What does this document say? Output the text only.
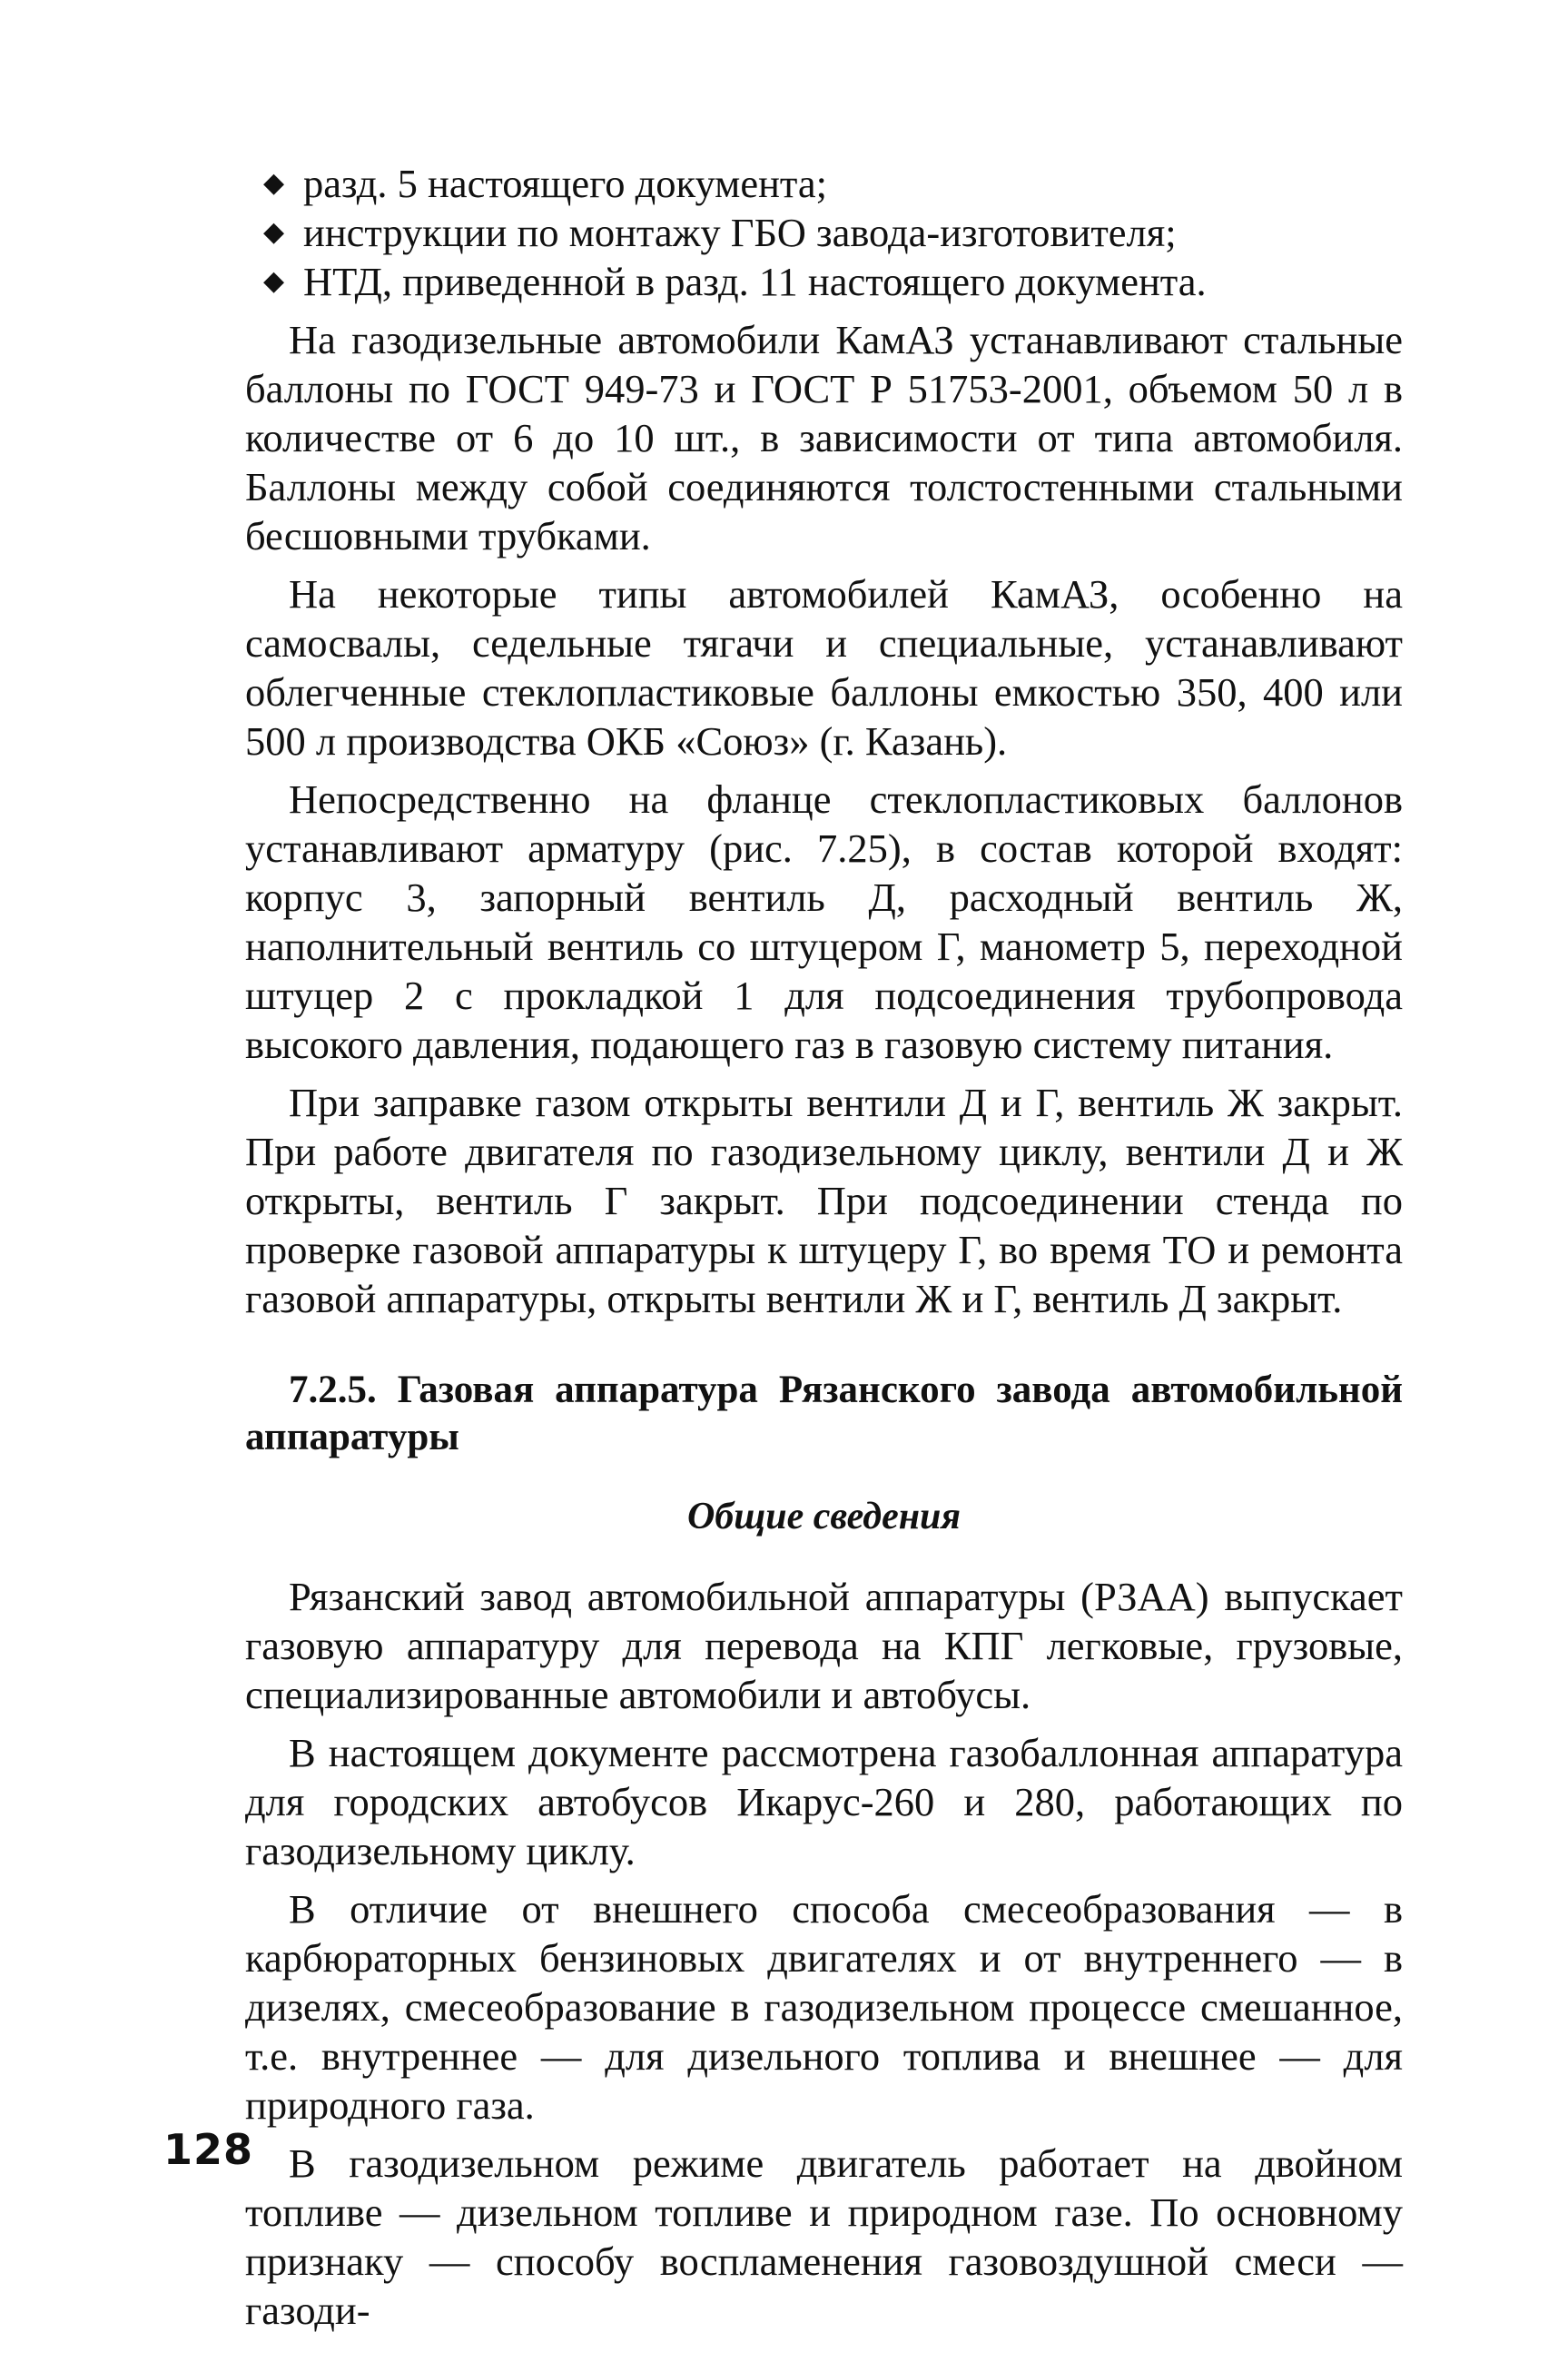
◆ разд. 5 настоящего документа;
◆ инструкции по монтажу ГБО завода-изготовителя;
◆ НТД, приведенной в разд. 11 настоящего документа.

На газодизельные автомобили КамАЗ устанавливают стальные баллоны по ГОСТ 949-73 и ГОСТ Р 51753-2001, объемом 50 л в количестве от 6 до 10 шт., в зависимости от типа автомобиля. Баллоны между собой соединяются толстостенными стальными бесшовными трубками.

На некоторые типы автомобилей КамАЗ, особенно на самосвалы, седельные тягачи и специальные, устанавливают облегченные стеклопластиковые баллоны емкостью 350, 400 или 500 л производства ОКБ «Союз» (г. Казань).

Непосредственно на фланце стеклопластиковых баллонов устанавливают арматуру (рис. 7.25), в состав которой входят: корпус 3, запорный вентиль Д, расходный вентиль Ж, наполнительный вентиль со штуцером Г, манометр 5, переходной штуцер 2 с прокладкой 1 для подсоединения трубопровода высокого давления, подающего газ в газовую систему питания.

При заправке газом открыты вентили Д и Г, вентиль Ж закрыт. При работе двигателя по газодизельному циклу, вентили Д и Ж открыты, вентиль Г закрыт. При подсоединении стенда по проверке газовой аппаратуры к штуцеру Г, во время ТО и ремонта газовой аппаратуры, открыты вентили Ж и Г, вентиль Д закрыт.

7.2.5. Газовая аппаратура Рязанского завода автомобильной аппаратуры
Общие сведения

Рязанский завод автомобильной аппаратуры (РЗАА) выпускает газовую аппаратуру для перевода на КПГ легковые, грузовые, специализированные автомобили и автобусы.

В настоящем документе рассмотрена газобаллонная аппаратура для городских автобусов Икарус-260 и 280, работающих по газодизельному циклу.

В отличие от внешнего способа смесеобразования — в карбюраторных бензиновых двигателях и от внутреннего — в дизелях, смесеобразование в газодизельном процессе смешанное, т.е. внутреннее — для дизельного топлива и внешнее — для природного газа.

В газодизельном режиме двигатель работает на двойном топливе — дизельном топливе и природном газе. По основному признаку — способу воспламенения газовоздушной смеси — газоди-

128
